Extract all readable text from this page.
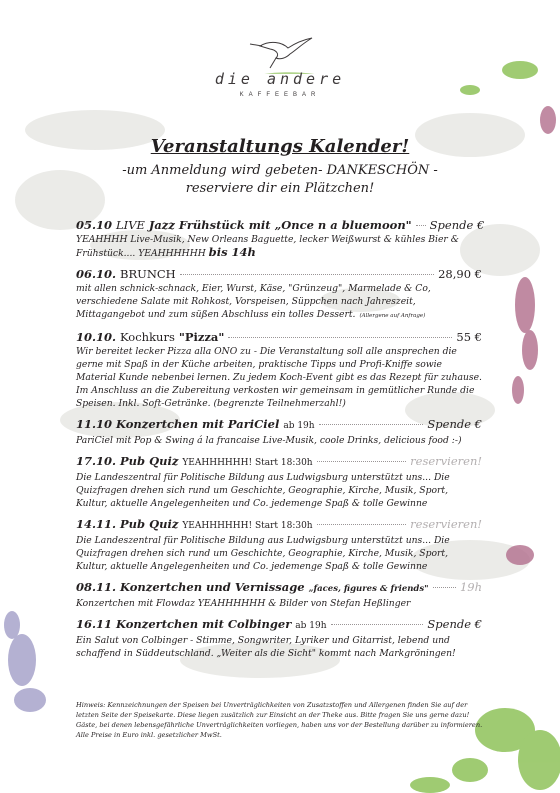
die andere
KAFFEEBAR
Veranstaltungs Kalender!
-um Anmeldung wird gebeten- DANKESCHÖN -
reserviere dir ein Plätzchen!
05.10 LIVE Jazz Frühstück mit „Once n a bluemoon" Spende €
YEAHHHH Live-Musik, New Orleans Baguette, lecker Weißwurst & kühles Bier & Frühstück.... YEAHHHHHH bis 14h
06.10. BRUNCH	28,90 €
mit allen schnick-schnack, Eier, Wurst, Käse, "Grünzeug", Marmelade & Co, verschiedene Salate mit Rohkost, Vorspeisen, Süppchen nach Jahreszeit, Mittagangebot und zum süßen Abschluss ein tolles Dessert. (Allergene auf Anfrage)
10.10. Kochkurs "Pizza"	55 €
Wir bereitet lecker Pizza alla ONO zu - Die Veranstaltung soll alle ansprechen die gerne mit Spaß in der Küche arbeiten, praktische Tipps und Profi-Kniffe sowie Material Kunde nebenbei lernen. Zu jedem Koch-Event gibt es das Rezept für zuhause. Im Anschluss an die Zubereitung verkosten wir gemeinsam in gemütlicher Runde die Speisen. Inkl. Soft-Getränke. (begrenzte Teilnehmerzahl!)
11.10 Konzertchen mit PariCiel ab 19h	Spende €
PariCiel mit Pop & Swing á la francaise Live-Musik, coole Drinks, delicious food :-)
17.10. Pub Quiz YEAHHHHHH! Start 18:30h	reservieren!
Die Landeszentral für Politische Bildung aus Ludwigsburg unterstützt uns... Die Quizfragen drehen sich rund um Geschichte, Geographie, Kirche, Musik, Sport, Kultur, aktuelle Angelegenheiten und Co. jedemenge Spaß & tolle Gewinne
14.11. Pub Quiz YEAHHHHHH! Start 18:30h	reservieren!
Die Landeszentral für Politische Bildung aus Ludwigsburg unterstützt uns... Die Quizfragen drehen sich rund um Geschichte, Geographie, Kirche, Musik, Sport, Kultur, aktuelle Angelegenheiten und Co. jedemenge Spaß & tolle Gewinne
08.11. Konzertchen und Vernissage „faces, figures & friends"	19h
Konzertchen mit Flowdaz YEAHHHHHH & Bilder von Stefan Heßlinger
16.11 Konzertchen mit Colbinger ab 19h	Spende €
Ein Salut von Colbinger - Stimme, Songwriter, Lyriker und Gitarrist, lebend und schaffend in Süddeutschland. „Weiter als die Sicht" kommt nach Markgröningen!
Hinweis: Kennzeichnungen der Speisen bei Unverträglichkeiten von Zusatzstoffen und Allergenen finden Sie auf der letzten Seite der Speisekarte. Diese liegen zusätzlich zur Einsicht an der Theke aus. Bitte fragen Sie uns gerne dazu! Gäste, bei denen lebensgefährliche Unverträglichkeiten vorliegen, haben uns vor der Bestellung darüber zu informieren. Alle Preise in Euro inkl. gesetzlicher MwSt.
